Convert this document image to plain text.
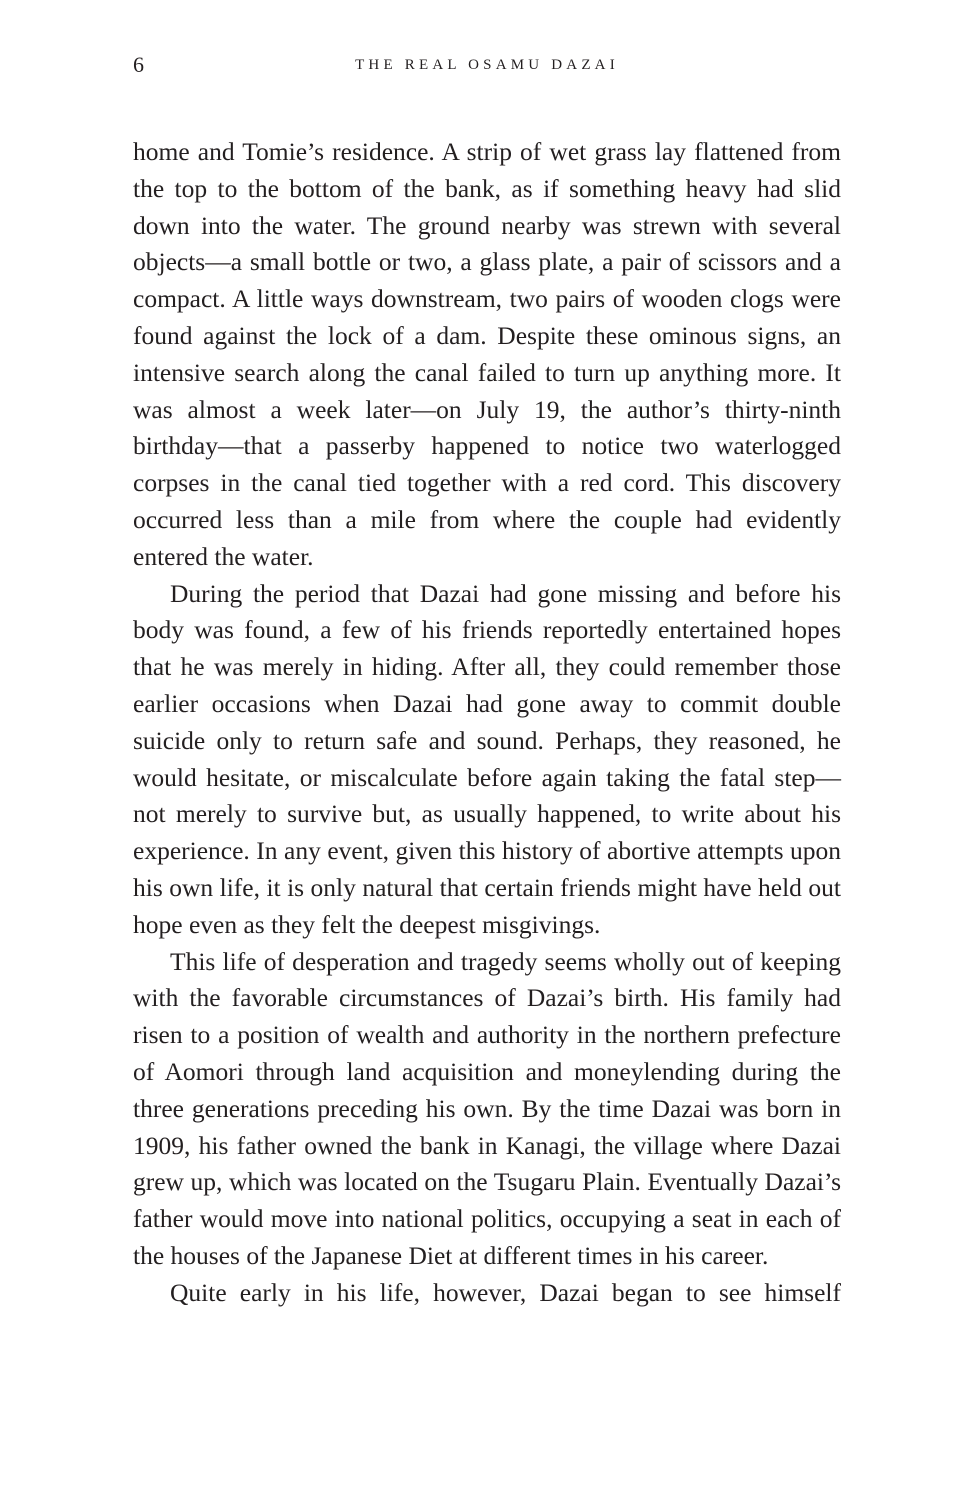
6	THE REAL OSAMU DAZAI

home and Tomie’s residence. A strip of wet grass lay flattened from the top to the bottom of the bank, as if something heavy had slid down into the water. The ground nearby was strewn with several objects—a small bottle or two, a glass plate, a pair of scissors and a compact. A little ways downstream, two pairs of wooden clogs were found against the lock of a dam. Despite these ominous signs, an intensive search along the canal failed to turn up anything more. It was almost a week later—on July 19, the author’s thirty-ninth birthday—that a passerby happened to notice two waterlogged corpses in the canal tied together with a red cord. This discovery occurred less than a mile from where the couple had evidently entered the water.

During the period that Dazai had gone missing and before his body was found, a few of his friends reportedly entertained hopes that he was merely in hiding. After all, they could remember those earlier occasions when Dazai had gone away to commit double suicide only to return safe and sound. Perhaps, they reasoned, he would hesitate, or miscalculate before again taking the fatal step—not merely to survive but, as usually happened, to write about his experience. In any event, given this history of abortive attempts upon his own life, it is only natural that certain friends might have held out hope even as they felt the deepest misgivings.

This life of desperation and tragedy seems wholly out of keeping with the favorable circumstances of Dazai’s birth. His family had risen to a position of wealth and authority in the northern prefecture of Aomori through land acquisition and moneylending during the three generations preceding his own. By the time Dazai was born in 1909, his father owned the bank in Kanagi, the village where Dazai grew up, which was located on the Tsugaru Plain. Eventually Dazai’s father would move into national politics, occupying a seat in each of the houses of the Japanese Diet at different times in his career.

Quite early in his life, however, Dazai began to see himself
